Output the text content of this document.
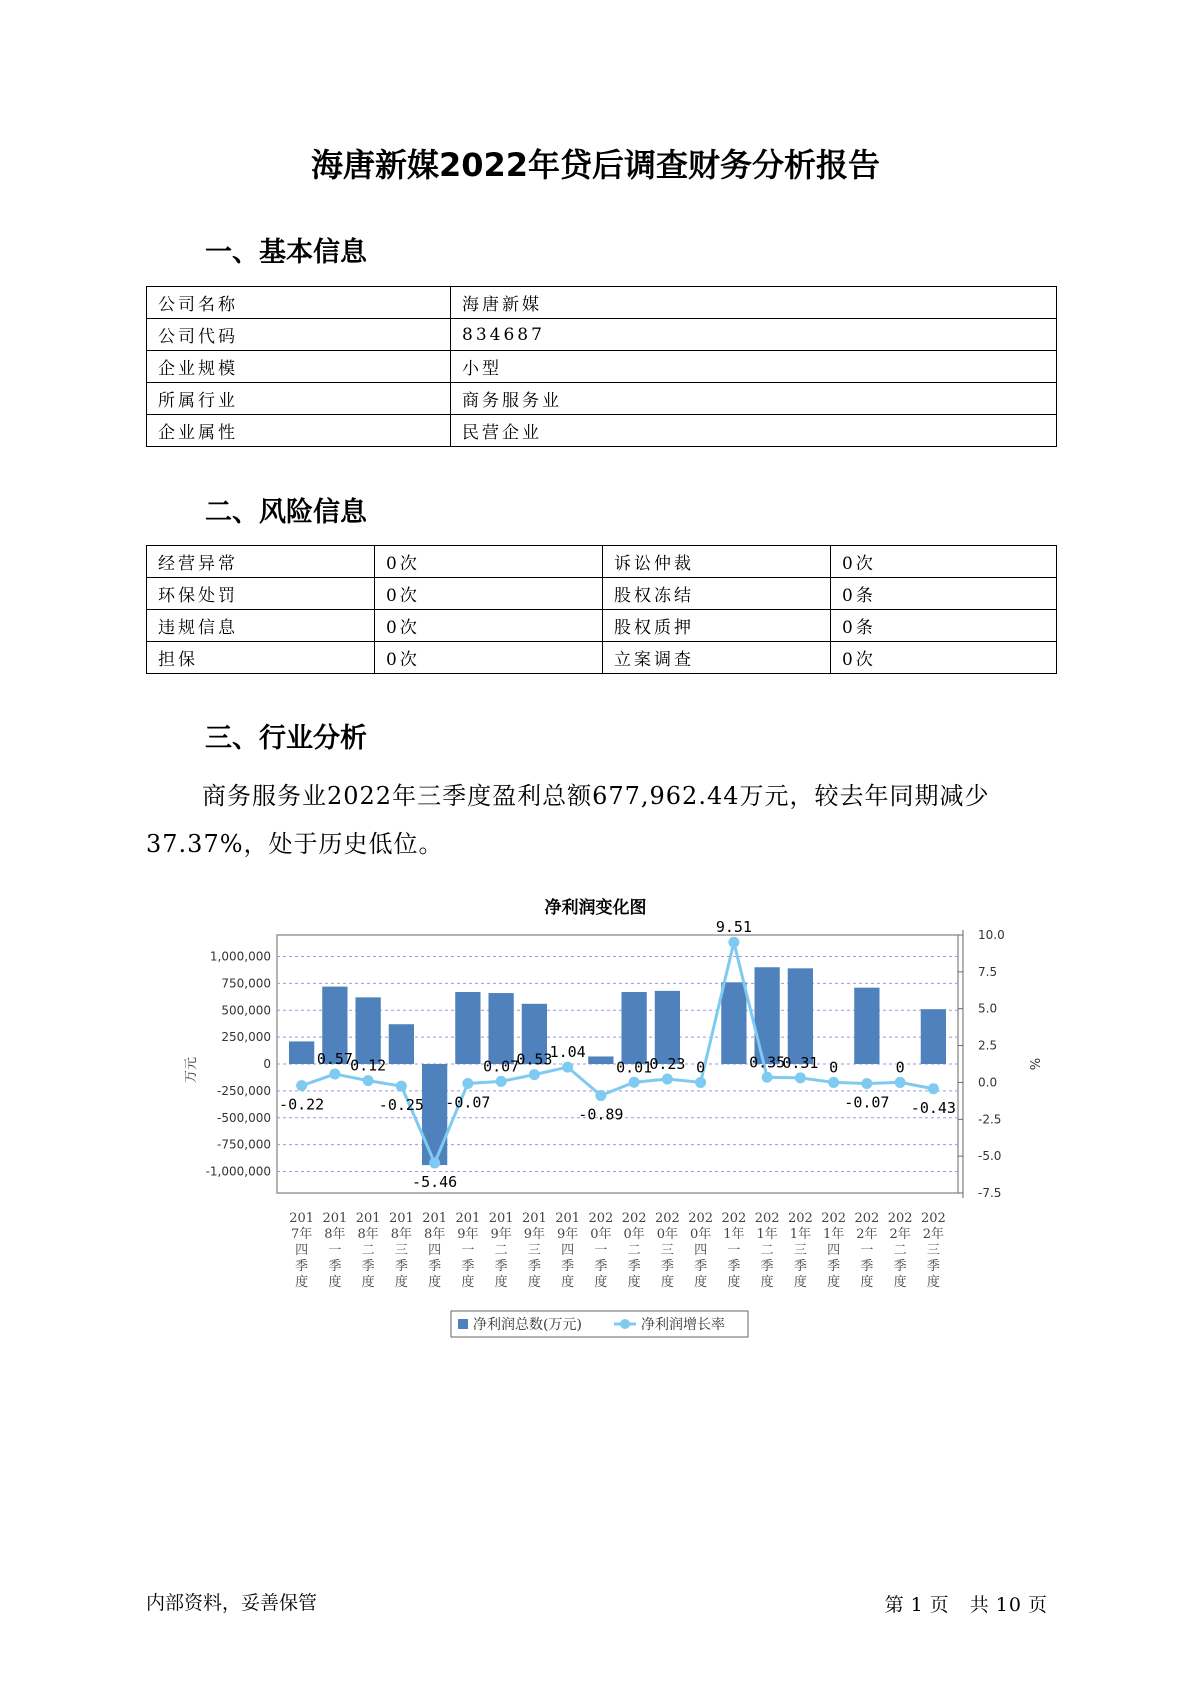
海唐新媒2022年贷后调查财务分析报告
一、基本信息
公司名称	海唐新媒
公司代码	834687
企业规模	小型
所属行业	商务服务业
企业属性	民营企业
二、风险信息
经营异常	0次	诉讼仲裁	0次
环保处罚	0次	股权冻结	0条
违规信息	0次	股权质押	0条
担保	0次	立案调查	0次
三、行业分析
商务服务业2022年三季度盈利总额677,962.44万元，较去年同期减少37.37%，处于历史低位。
净利润变化图
-1,000,000
-750,000
-500,000
-250,000
0
250,000
500,000
750,000
1,000,000
-7.5
-5.0
-2.5
0.0
2.5
5.0
7.5
10.0
万元	%
-0.22
0.57
0.12
-0.25
-5.46
-0.07
0.07
0.53
1.04
-0.89
0.01
0.23 0
9.51
0.35
0.31 0
-0.07
0
-0.43
201
7年
四
季
度
201
8年
一
季
度
201
8年
二
季
度
201
8年
三
季
度
201
8年
四
季
度
201
9年
一
季
度
201
9年
二
季
度
201
9年
三
季
度
201
9年
四
季
度
202
0年
一
季
度
202
0年
二
季
度
202
0年
三
季
度
202
0年
四
季
度
202
1年
一
季
度
202
1年
二
季
度
202
1年
三
季
度
202
1年
四
季
度
202
2年
一
季
度
202
2年
二
季
度
202
2年
三
季
度
净利润总数(万元)	净利润增长率
内部资料，妥善保管	第 1 页 共 10 页
